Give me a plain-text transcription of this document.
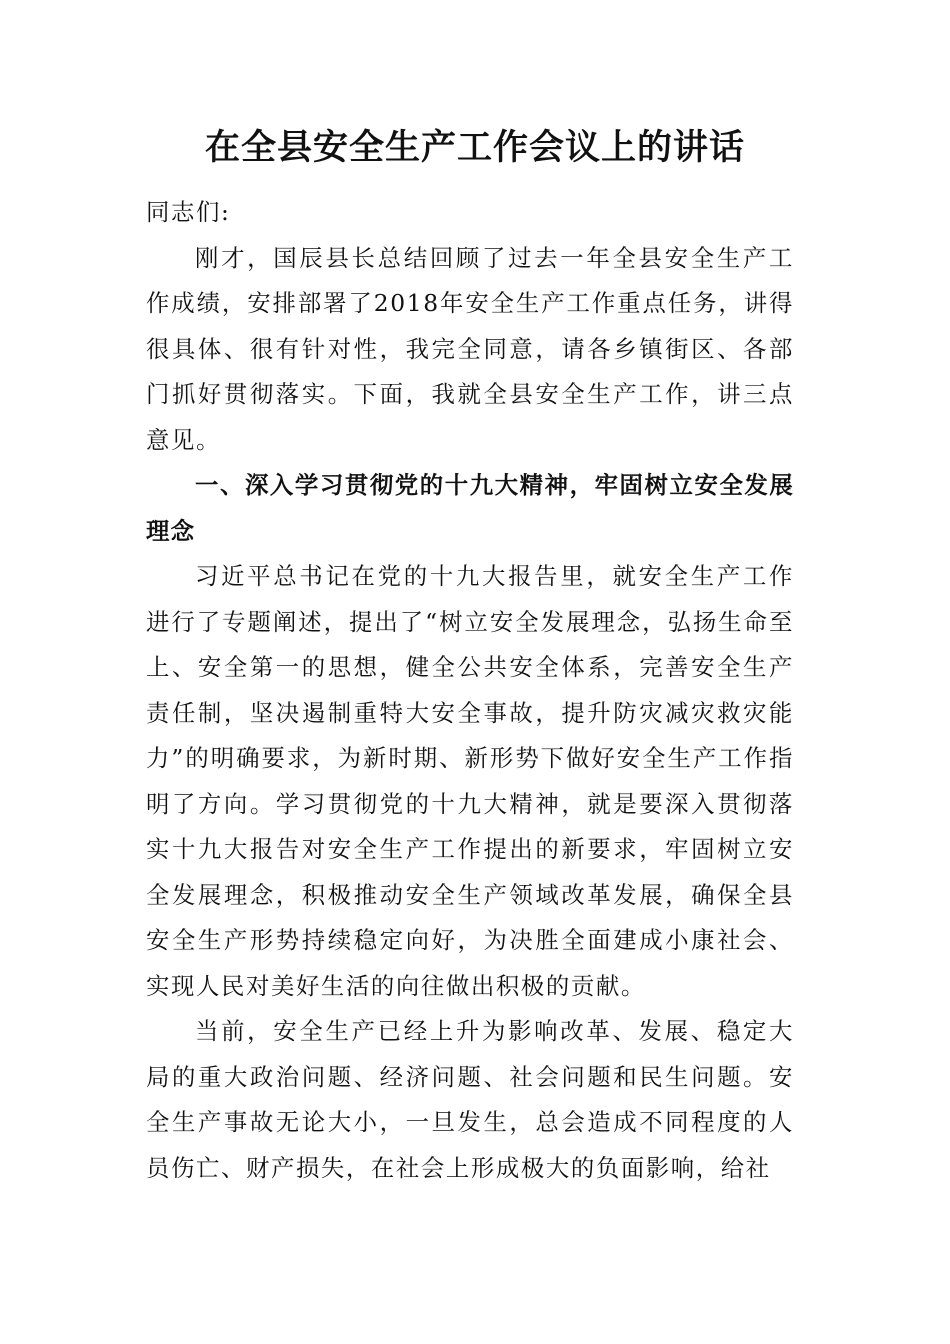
在全县安全生产工作会议上的讲话

同志们:

刚才，国辰县长总结回顾了过去一年全县安全生产工作成绩，安排部署了2018年安全生产工作重点任务，讲得很具体、很有针对性，我完全同意，请各乡镇街区、各部门抓好贯彻落实。下面，我就全县安全生产工作，讲三点意见。

一、深入学习贯彻党的十九大精神，牢固树立安全发展理念

习近平总书记在党的十九大报告里，就安全生产工作进行了专题阐述，提出了“树立安全发展理念，弘扬生命至上、安全第一的思想，健全公共安全体系，完善安全生产责任制，坚决遏制重特大安全事故，提升防灾减灾救灾能力”的明确要求，为新时期、新形势下做好安全生产工作指明了方向。学习贯彻党的十九大精神，就是要深入贯彻落实十九大报告对安全生产工作提出的新要求，牢固树立安全发展理念，积极推动安全生产领域改革发展，确保全县安全生产形势持续稳定向好，为决胜全面建成小康社会、实现人民对美好生活的向往做出积极的贡献。

当前，安全生产已经上升为影响改革、发展、稳定大局的重大政治问题、经济问题、社会问题和民生问题。安全生产事故无论大小，一旦发生，总会造成不同程度的人员伤亡、财产损失，在社会上形成极大的负面影响，给社
